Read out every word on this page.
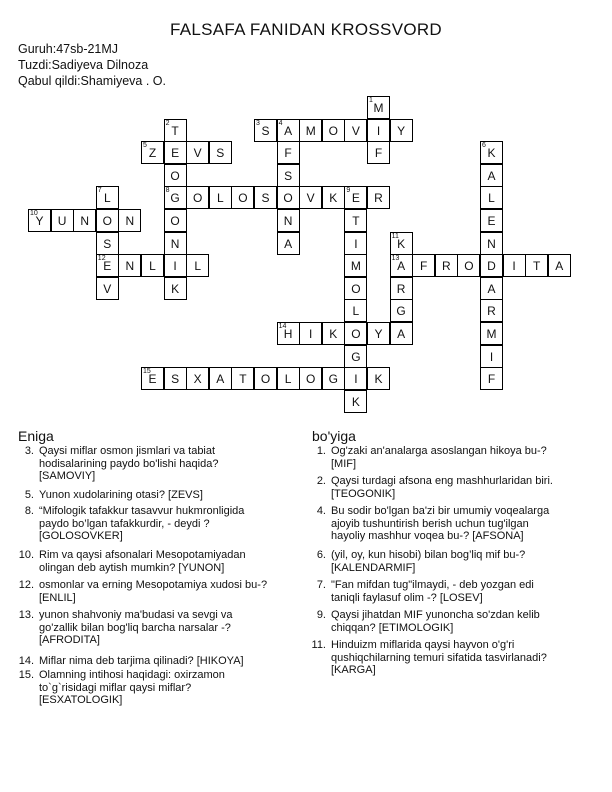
FALSAFA FANIDAN KROSSVORD
Guruh:47sb-21MJ
Tuzdi:Sadiyeva Dilnoza
Qabul qildi:Shamiyeva . O.
1
M
I
F
2
T
E
O
8
G
O
N
I
K
3
S
4
A	M	O	V	Y
F
S
O
N
A
5
Z	V	S
6
K
A
L
E
N
D
A
R
M
I
F
7
L
O
S
12
E
V
O	L	O	S	V	K
9
E	R
T
I
M
O
L
O
G
I
K
10
Y	U	N	N
11
K
13
A
R
G
A
N	L	L	F	R	O	I	T	A
14
H	I	K	Y
15
E	S	X	A	T	O	L	O	G	K
Eniga	bo'yiga
3. Qaysi miflar osmon jismlari va tabiat
hodisalarining paydo bo'lishi haqida?
[SAMOVIY]
5. Yunon xudolarining otasi? [ZEVS]
8. “Mifologik tafakkur tasavvur hukmronligida
paydo bo’lgan tafakkurdir, - deydi ?
[GOLOSOVKER]
10. Rim va qaysi afsonalari Mesopotamiyadan
olingan deb aytish mumkin? [YUNON]
12. osmonlar va erning Mesopotamiya xudosi bu-?
[ENLIL]
13. yunon shahvoniy ma'budasi va sevgi va
go'zallik bilan bog'liq barcha narsalar -?
[AFRODITA]
14. Miflar nima deb tarjima qilinadi? [HIKOYA]
15. Olamning intihosi haqidagi: oxirzamon
to`g`risidagi miflar qaysi miflar?
[ESXATOLOGIK]
1. Og'zaki an'analarga asoslangan hikoya bu-?
[MIF]
2. Qaysi turdagi afsona eng mashhurlaridan biri.
[TEOGONIK]
4. Bu sodir bo'lgan ba'zi bir umumiy voqealarga
ajoyib tushuntirish berish uchun tug'ilgan
hayoliy mashhur voqea bu-? [AFSONA]
6. (yil, oy, kun hisobi) bilan bog’liq mif bu-?
[KALENDARMIF]
7. "Fan mifdan tug"ilmaydi, - deb yozgan edi
taniqli faylasuf olim -? [LOSEV]
9. Qaysi jihatdan MIF yunoncha so'zdan kelib
chiqqan? [ETIMOLOGIK]
11. Hinduizm miflarida qaysi hayvon o'g'ri
qushiqchilarning temuri sifatida tasvirlanadi?
[KARGA]
